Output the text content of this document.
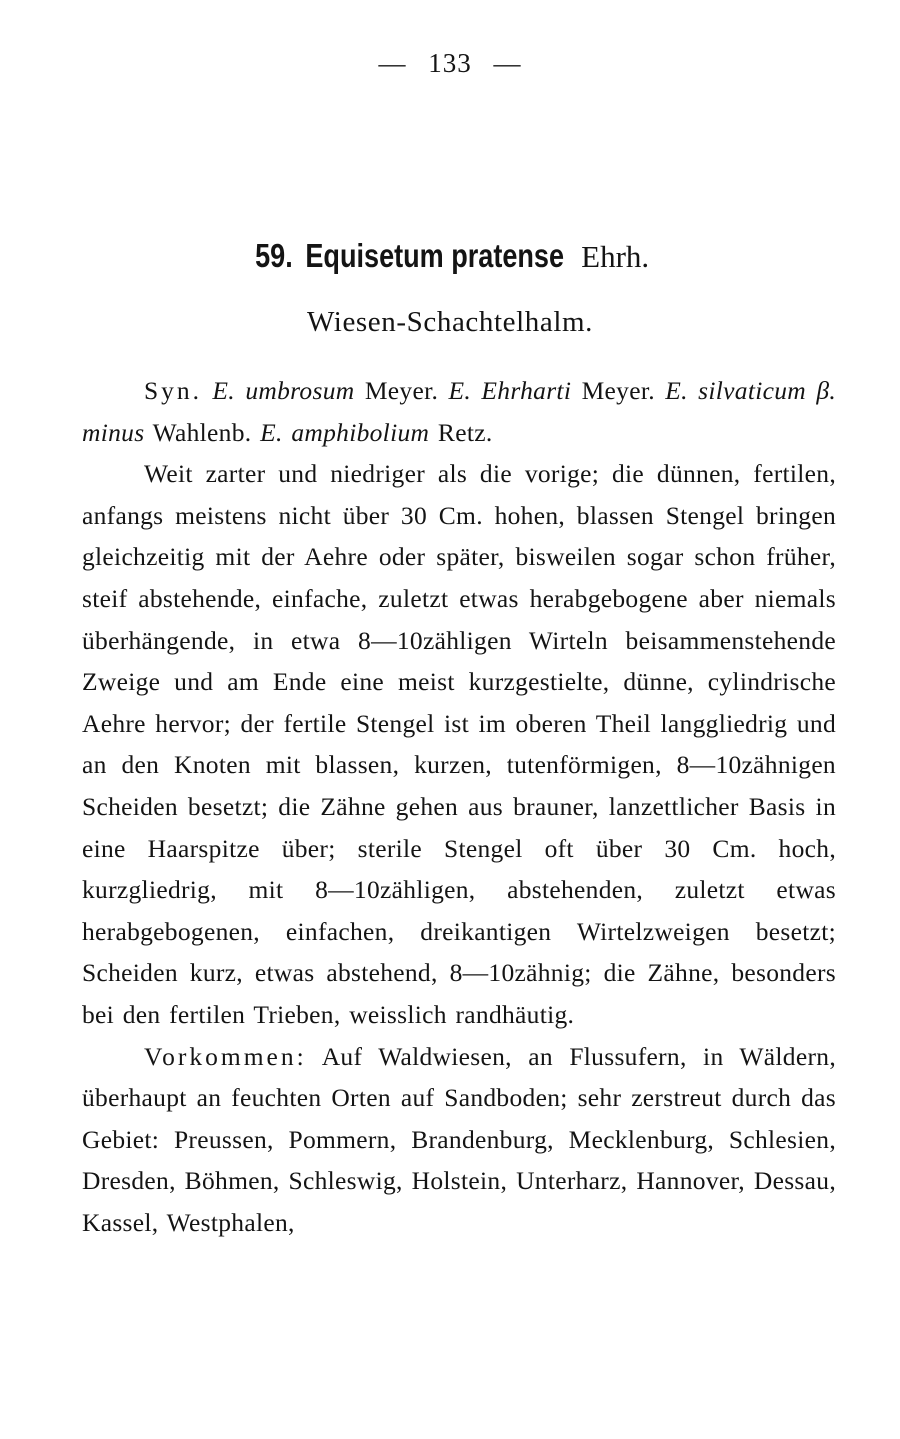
— 133 —
59. Equisetum pratense Ehrh.
Wiesen-Schachtelhalm.

Syn. E. umbrosum Meyer. E. Ehrharti Meyer. E. silvaticum β. minus Wahlenb. E. amphibolium Retz.

Weit zarter und niedriger als die vorige; die dünnen, fertilen, anfangs meistens nicht über 30 Cm. hohen, blassen Stengel bringen gleichzeitig mit der Aehre oder später, bisweilen sogar schon früher, steif abstehende, einfache, zuletzt etwas herabgebogene aber niemals überhängende, in etwa 8—10zähligen Wirteln beisammenstehende Zweige und am Ende eine meist kurzgestielte, dünne, cylindrische Aehre hervor; der fertile Stengel ist im oberen Theil langgliedrig und an den Knoten mit blassen, kurzen, tutenförmigen, 8—10zähnigen Scheiden besetzt; die Zähne gehen aus brauner, lanzettlicher Basis in eine Haarspitze über; sterile Stengel oft über 30 Cm. hoch, kurzgliedrig, mit 8—10zähligen, abstehenden, zuletzt etwas herabgebogenen, einfachen, dreikantigen Wirtelzweigen besetzt; Scheiden kurz, etwas abstehend, 8—10zähnig; die Zähne, besonders bei den fertilen Trieben, weisslich randhäutig.

Vorkommen: Auf Waldwiesen, an Flussufern, in Wäldern, überhaupt an feuchten Orten auf Sandboden; sehr zerstreut durch das Gebiet: Preussen, Pommern, Brandenburg, Mecklenburg, Schlesien, Dresden, Böhmen, Schleswig, Holstein, Unterharz, Hannover, Dessau, Kassel, Westphalen,
